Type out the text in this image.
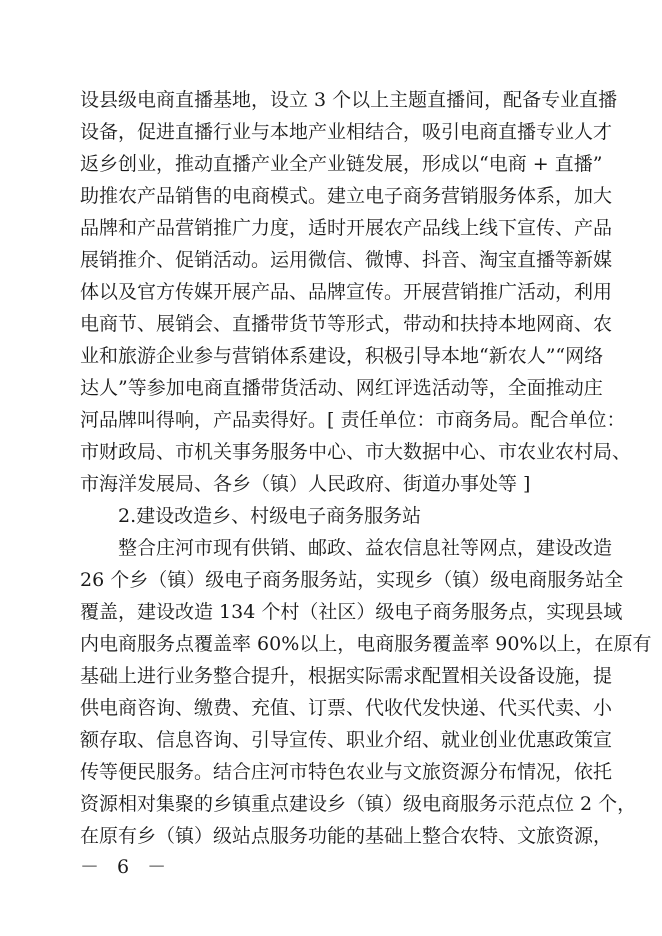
设县级电商直播基地，设立 3 个以上主题直播间，配备专业直播
设备，促进直播行业与本地产业相结合，吸引电商直播专业人才
返乡创业，推动直播产业全产业链发展，形成以“电商 + 直播”
助推农产品销售的电商模式。建立电子商务营销服务体系，加大
品牌和产品营销推广力度，适时开展农产品线上线下宣传、产品
展销推介、促销活动。运用微信、微博、抖音、淘宝直播等新媒
体以及官方传媒开展产品、品牌宣传。开展营销推广活动，利用
电商节、展销会、直播带货节等形式，带动和扶持本地网商、农
业和旅游企业参与营销体系建设，积极引导本地“新农人”“网络
达人”等参加电商直播带货活动、网红评选活动等，全面推动庄
河品牌叫得响，产品卖得好。[ 责任单位：市商务局。配合单位：
市财政局、市机关事务服务中心、市大数据中心、市农业农村局、
市海洋发展局、各乡（镇）人民政府、街道办事处等 ]
2.建设改造乡、村级电子商务服务站
整合庄河市现有供销、邮政、益农信息社等网点，建设改造
26 个乡（镇）级电子商务服务站，实现乡（镇）级电商服务站全
覆盖，建设改造 134 个村（社区）级电子商务服务点，实现县域
内电商服务点覆盖率 60%以上，电商服务覆盖率 90%以上，在原有
基础上进行业务整合提升，根据实际需求配置相关设备设施，提
供电商咨询、缴费、充值、订票、代收代发快递、代买代卖、小
额存取、信息咨询、引导宣传、职业介绍、就业创业优惠政策宣
传等便民服务。结合庄河市特色农业与文旅资源分布情况，依托
资源相对集聚的乡镇重点建设乡（镇）级电商服务示范点位 2 个，
在原有乡（镇）级站点服务功能的基础上整合农特、文旅资源，
－ 6 －
